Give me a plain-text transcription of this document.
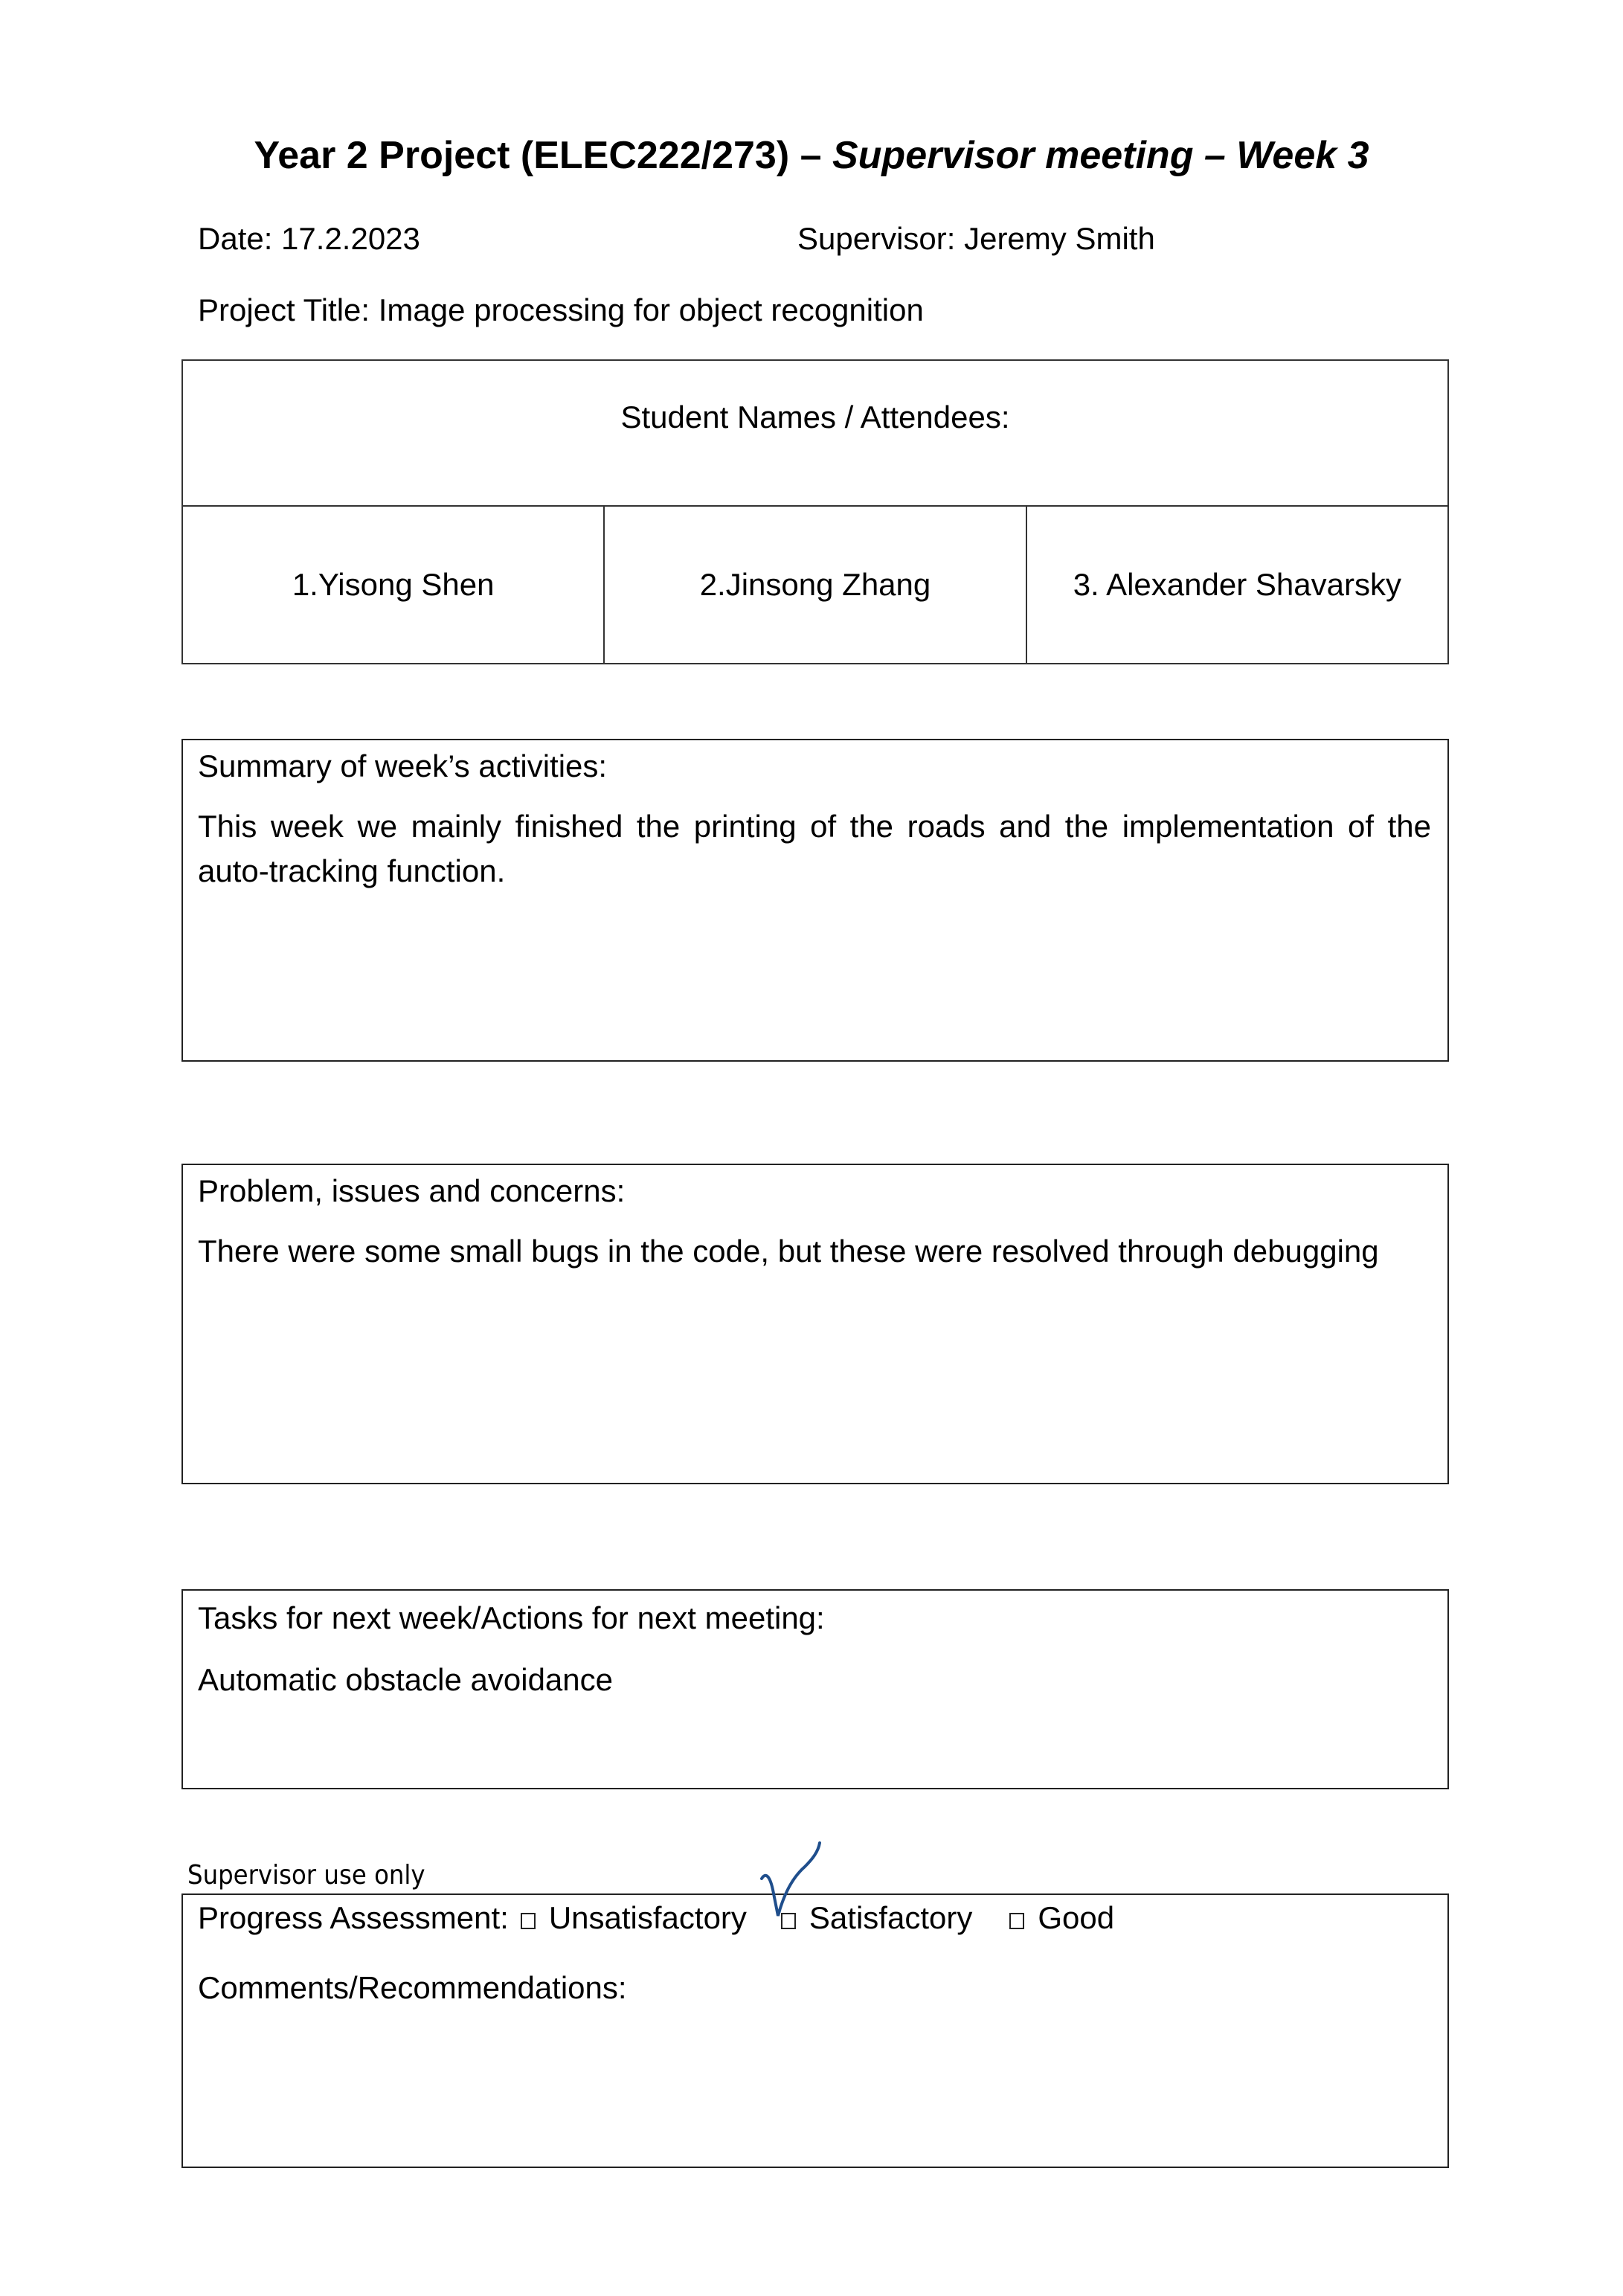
Year 2 Project (ELEC222/273) – Supervisor meeting – Week 3
Date: 17.2.2023	Supervisor: Jeremy Smith
Project Title: Image processing for object recognition
Student Names / Attendees:
1.Yisong Shen	2.Jinsong Zhang	3. Alexander Shavarsky
Summary of week’s activities:
This week we mainly finished the printing of the roads and the implementation of the auto-tracking function.
Problem, issues and concerns:
There were some small bugs in the code, but these were resolved through debugging
Tasks for next week/Actions for next meeting:
Automatic obstacle avoidance
Supervisor use only
Progress Assessment: Unsatisfactory Satisfactory Good
Comments/Recommendations:
